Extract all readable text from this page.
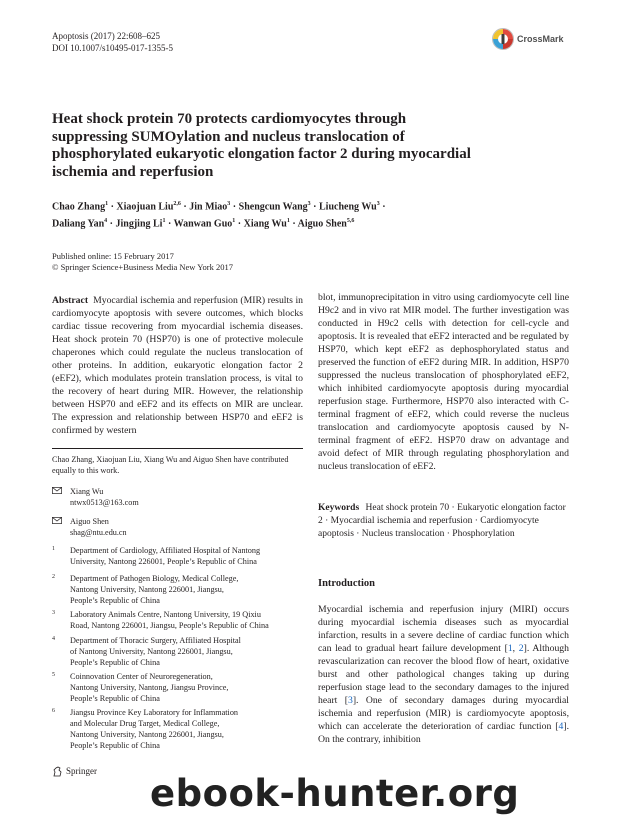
Apoptosis (2017) 22:608–625
DOI 10.1007/s10495-017-1355-5
CrossMark
Heat shock protein 70 protects cardiomyocytes through suppressing SUMOylation and nucleus translocation of phosphorylated eukaryotic elongation factor 2 during myocardial ischemia and reperfusion
Chao Zhang$^1$ · Xiaojuan Liu$^{2,6}$ · Jin Miao$^3$ · Shengcun Wang$^3$ · Liucheng $Wu^3$ ·
Daliang Yan$^4$ · Jingjing $Li^1$ · Wanwan Guo$^1$ · Xiang $Wu^1$ · Aiguo Shen$^{5,6}$
Published online: 15 February 2017
© Springer Science+Business Media New York 2017

Abstract Myocardial ischemia and reperfusion (MIR) results in cardiomyocyte apoptosis with severe outcomes, which blocks cardiac tissue recovering from myocardial ischemia diseases. Heat shock protein 70 (HSP70) is one of protective molecule chaperones which could regulate the nucleus translocation of other proteins. In addition, eukaryotic elongation factor 2 (eEF2), which modulates protein translation process, is vital to the recovery of heart during MIR. However, the relationship between HSP70 and eEF2 and its effects on MIR are unclear. The expression and relationship between HSP70 and eEF2 is confirmed by western

blot, immunoprecipitation in vitro using cardiomyocyte cell line H9c2 and in vivo rat MIR model. The further investigation was conducted in H9c2 cells with detection for cell-cycle and apoptosis. It is revealed that eEF2 interacted and be regulated by HSP70, which kept eEF2 as dephosphorylated status and preserved the function of eEF2 during MIR. In addition, HSP70 suppressed the nucleus translocation of phosphorylated eEF2, which inhibited cardiomyocyte apoptosis during myocardial reperfusion stage. Furthermore, HSP70 also interacted with C-terminal fragment of eEF2, which could reverse the nucleus translocation and cardiomyocyte apoptosis caused by N-terminal fragment of eEF2. HSP70 draw on advantage and avoid defect of MIR through regulating phosphorylation and nucleus translocation of eEF2.

Keywords Heat shock protein 70 · Eukaryotic elongation factor 2 · Myocardial ischemia and reperfusion · Cardiomyocyte apoptosis · Nucleus translocation · Phosphorylation
Chao Zhang, Xiaojuan Liu, Xiang Wu and Aiguo Shen have contributed equally to this work.
Xiang Wu
ntwx0513@163.com
Aiguo Shen
shag@ntu.edu.cn
1 Department of Cardiology, Affiliated Hospital of Nantong
University, Nantong 226001, People’s Republic of China
2 Department of Pathogen Biology, Medical College,
Nantong University, Nantong 226001, Jiangsu,
People’s Republic of China
3 Laboratory Animals Centre, Nantong University, 19 Qixiu
Road, Nantong 226001, Jiangsu, People’s Republic of China
4 Department of Thoracic Surgery, Affiliated Hospital
of Nantong University, Nantong 226001, Jiangsu,
People’s Republic of China
5 Coinnovation Center of Neuroregeneration,
Nantong University, Nantong, Jiangsu Province,
People’s Republic of China
6 Jiangsu Province Key Laboratory for Inflammation
and Molecular Drug Target, Medical College,
Nantong University, Nantong 226001, Jiangsu,
People’s Republic of China
Introduction

Myocardial ischemia and reperfusion injury (MIRI) occurs during myocardial ischemia diseases such as myocardial infarction, results in a severe decline of cardiac function which can lead to gradual heart failure development [1, 2]. Although revascularization can recover the blood flow of heart, oxidative burst and other pathological changes taking up during reperfusion stage lead to the secondary damages to the injured heart [3]. One of secondary damages during myocardial ischemia and reperfusion (MIR) is cardiomyocyte apoptosis, which can accelerate the deterioration of cardiac function [4]. On the contrary, inhibition

Springer
ebook-hunter.org
